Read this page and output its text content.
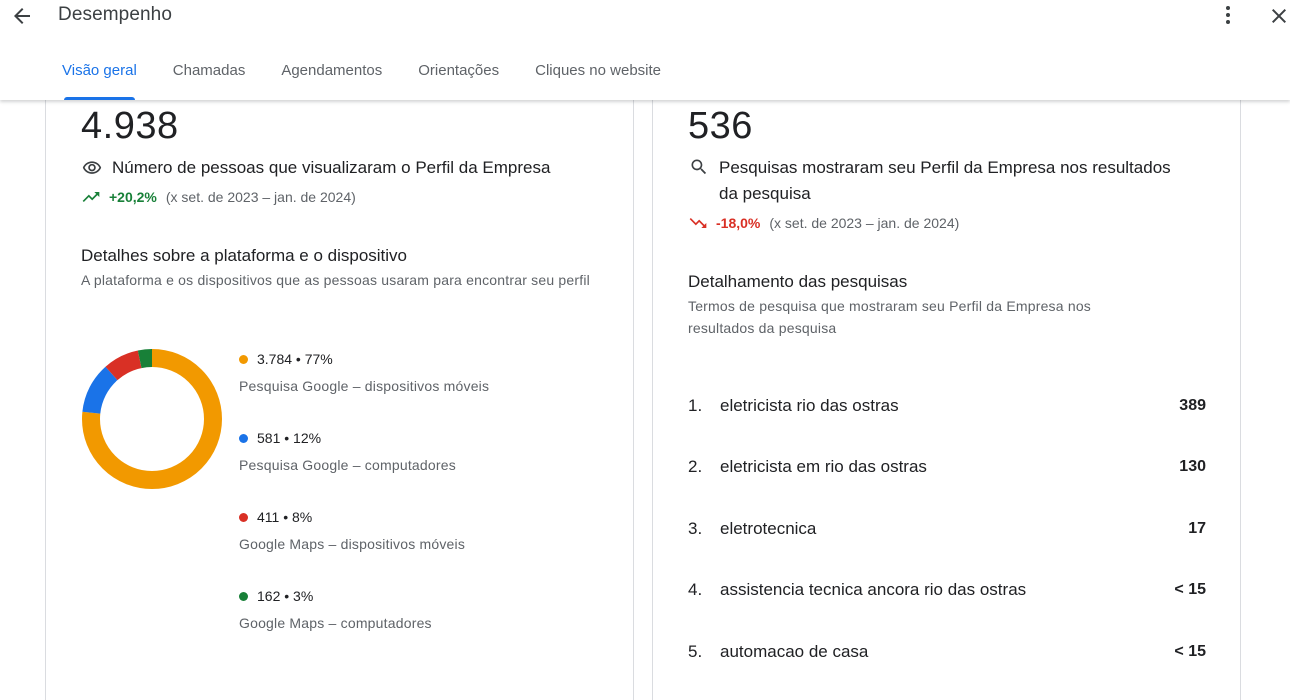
Desempenho
Visão geral	Chamadas	Agendamentos	Orientações	Cliques no website
4.938
Número de pessoas que visualizaram o Perfil da Empresa
+20,2% (x set. de 2023 – jan. de 2024)
Detalhes sobre a plataforma e o dispositivo
A plataforma e os dispositivos que as pessoas usaram para encontrar seu perfil
3.784 • 77%
Pesquisa Google – dispositivos móveis
581 • 12%
Pesquisa Google – computadores
411 • 8%
Google Maps – dispositivos móveis
162 • 3%
Google Maps – computadores
536
Pesquisas mostraram seu Perfil da Empresa nos resultados
da pesquisa
-18,0% (x set. de 2023 – jan. de 2024)
Detalhamento das pesquisas
Termos de pesquisa que mostraram seu Perfil da Empresa nos
resultados da pesquisa
1.	eletricista rio das ostras	389
2.	eletricista em rio das ostras	130
3.	eletrotecnica	17
4.	assistencia tecnica ancora rio das ostras	< 15
5.	automacao de casa	< 15
